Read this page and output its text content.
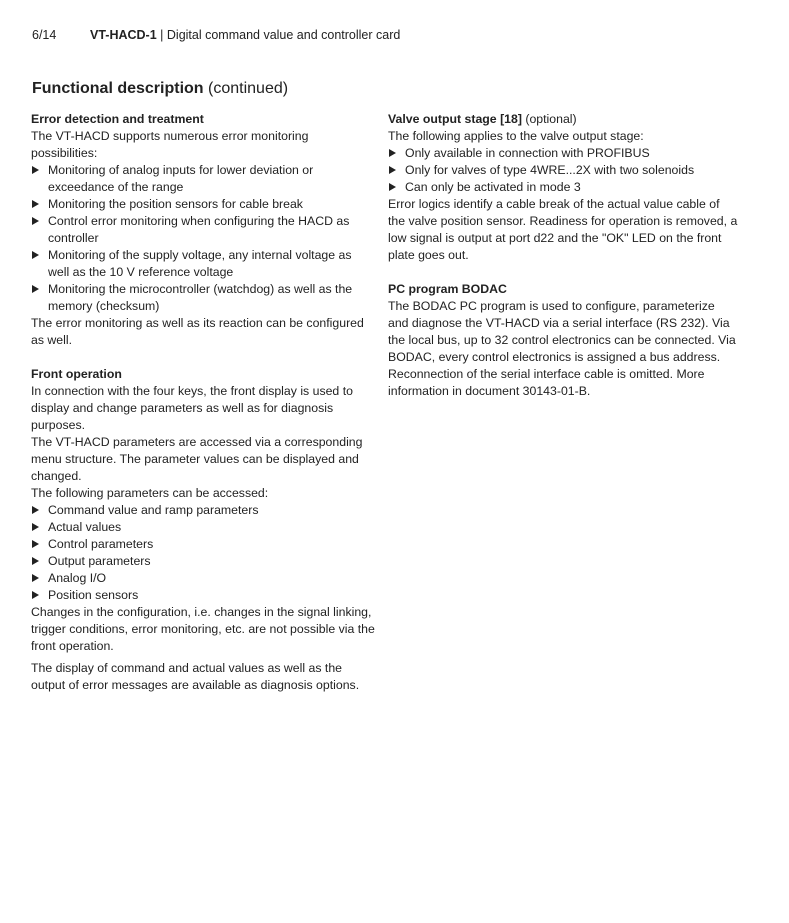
6/14	VT-HACD-1 | Digital command value and controller card
Functional description (continued)

Error detection and treatment

The VT-HACD supports numerous error monitoring possibilities:

Monitoring of analog inputs for lower deviation or exceedance of the range
Monitoring the position sensors for cable break
Control error monitoring when configuring the HACD as controller
Monitoring of the supply voltage, any internal voltage as well as the 10 V reference voltage
Monitoring the microcontroller (watchdog) as well as the memory (checksum)

The error monitoring as well as its reaction can be configured as well.

Front operation

In connection with the four keys, the front display is used to display and change parameters as well as for diagnosis purposes.

The VT-HACD parameters are accessed via a corresponding menu structure. The parameter values can be displayed and changed.

The following parameters can be accessed:

Command value and ramp parameters
Actual values
Control parameters
Output parameters
Analog I/O
Position sensors

Changes in the configuration, i.e. changes in the signal linking, trigger conditions, error monitoring, etc. are not possible via the front operation.

The display of command and actual values as well as the output of error messages are available as diagnosis options.

Valve output stage [18] (optional)

The following applies to the valve output stage:

Only available in connection with PROFIBUS
Only for valves of type 4WRE...2X with two solenoids
Can only be activated in mode 3

Error logics identify a cable break of the actual value cable of the valve position sensor. Readiness for operation is removed, a low signal is output at port d22 and the "OK" LED on the front plate goes out.

PC program BODAC

The BODAC PC program is used to configure, parameterize and diagnose the VT-HACD via a serial interface (RS 232). Via the local bus, up to 32 control electronics can be connected. Via BODAC, every control electronics is assigned a bus address. Reconnection of the serial interface cable is omitted. More information in document 30143-01-B.
